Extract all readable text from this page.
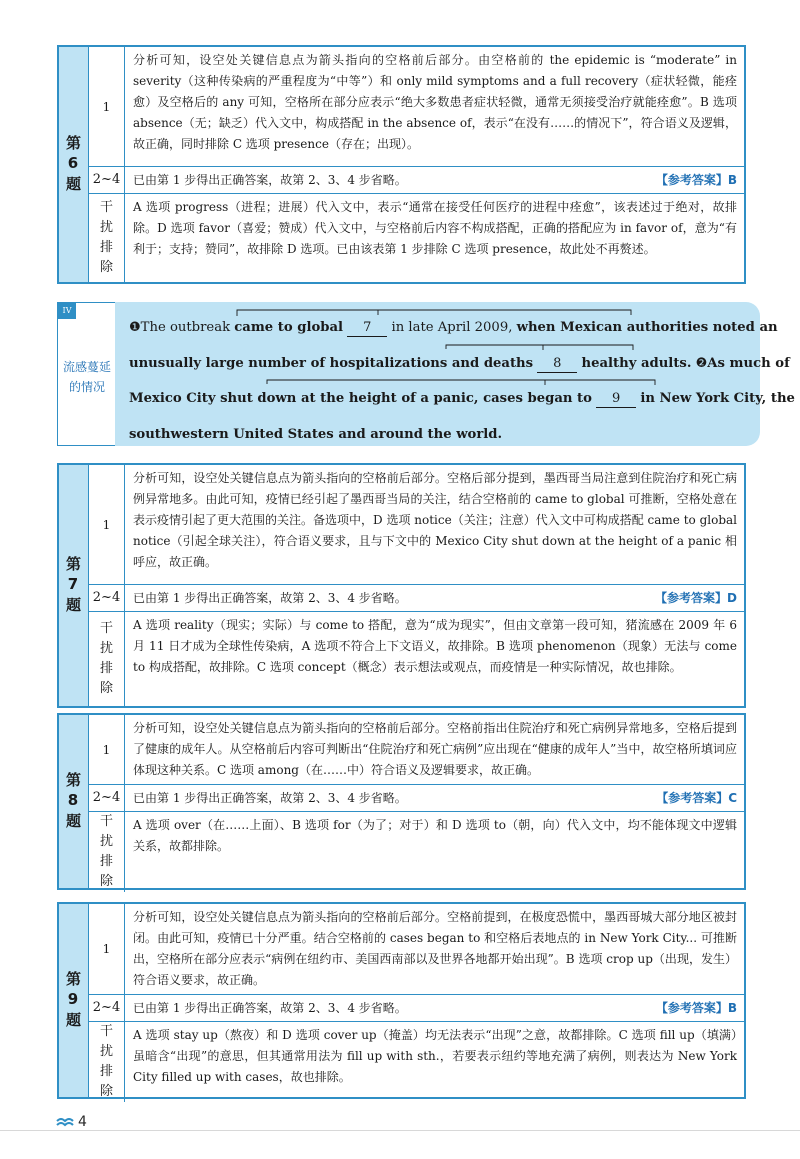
第6题
1
分析可知，设空处关键信息点为箭头指向的空格前后部分。由空格前的 the epidemic is “moderate” in severity（这种传染病的严重程度为“中等”）和 only mild symptoms and a full recovery（症状轻微，能痊愈）及空格后的 any 可知，空格所在部分应表示“绝大多数患者症状轻微，通常无须接受治疗就能痊愈”。B 选项 absence（无；缺乏）代入文中，构成搭配 in the absence of，表示“在没有……的情况下”，符合语义及逻辑，故正确，同时排除 C 选项 presence（存在；出现）。
2~4	已由第 1 步得出正确答案，故第 2、3、4 步省略。	【参考答案】B
干扰排除
A 选项 progress（进程；进展）代入文中，表示“通常在接受任何医疗的进程中痊愈”，该表述过于绝对，故排除。D 选项 favor（喜爱；赞成）代入文中，与空格前后内容不构成搭配，正确的搭配应为 in favor of，意为“有利于；支持；赞同”，故排除 D 选项。已由该表第 1 步排除 C 选项 presence，故此处不再赘述。
IV
流感蔓延的情况
❶The outbreak came to global 7 in late April 2009, when Mexican authorities noted an
unusually large number of hospitalizations and deaths 8 healthy adults. ❷As much of
Mexico City shut down at the height of a panic, cases began to 9 in New York City, the
southwestern United States and around the world.
第7题
1
分析可知，设空处关键信息点为箭头指向的空格前后部分。空格后部分提到，墨西哥当局注意到住院治疗和死亡病例异常地多。由此可知，疫情已经引起了墨西哥当局的关注，结合空格前的 came to global 可推断，空格处意在表示疫情引起了更大范围的关注。备选项中，D 选项 notice（关注；注意）代入文中可构成搭配 came to global notice（引起全球关注），符合语义要求，且与下文中的 Mexico City shut down at the height of a panic 相呼应，故正确。
2~4	已由第 1 步得出正确答案，故第 2、3、4 步省略。	【参考答案】D
干扰排除
A 选项 reality（现实；实际）与 come to 搭配，意为“成为现实”，但由文章第一段可知，猪流感在 2009 年 6 月 11 日才成为全球性传染病，A 选项不符合上下文语义，故排除。B 选项 phenomenon（现象）无法与 come to 构成搭配，故排除。C 选项 concept（概念）表示想法或观点，而疫情是一种实际情况，故也排除。
第8题
1
分析可知，设空处关键信息点为箭头指向的空格前后部分。空格前指出住院治疗和死亡病例异常地多，空格后提到了健康的成年人。从空格前后内容可判断出“住院治疗和死亡病例”应出现在“健康的成年人”当中，故空格所填词应体现这种关系。C 选项 among（在……中）符合语义及逻辑要求，故正确。
2~4	已由第 1 步得出正确答案，故第 2、3、4 步省略。	【参考答案】C
干扰排除
A 选项 over（在……上面）、B 选项 for（为了；对于）和 D 选项 to（朝，向）代入文中，均不能体现文中逻辑关系，故都排除。
第9题
1
分析可知，设空处关键信息点为箭头指向的空格前后部分。空格前提到，在极度恐慌中，墨西哥城大部分地区被封闭。由此可知，疫情已十分严重。结合空格前的 cases began to 和空格后表地点的 in New York City... 可推断出，空格所在部分应表示“病例在纽约市、美国西南部以及世界各地都开始出现”。B 选项 crop up（出现，发生）符合语义要求，故正确。
2~4	已由第 1 步得出正确答案，故第 2、3、4 步省略。	【参考答案】B
干扰排除
A 选项 stay up（熬夜）和 D 选项 cover up（掩盖）均无法表示“出现”之意，故都排除。C 选项 fill up（填满）虽暗含“出现”的意思，但其通常用法为 fill up with sth.，若要表示纽约等地充满了病例，则表达为 New York City filled up with cases，故也排除。
4
